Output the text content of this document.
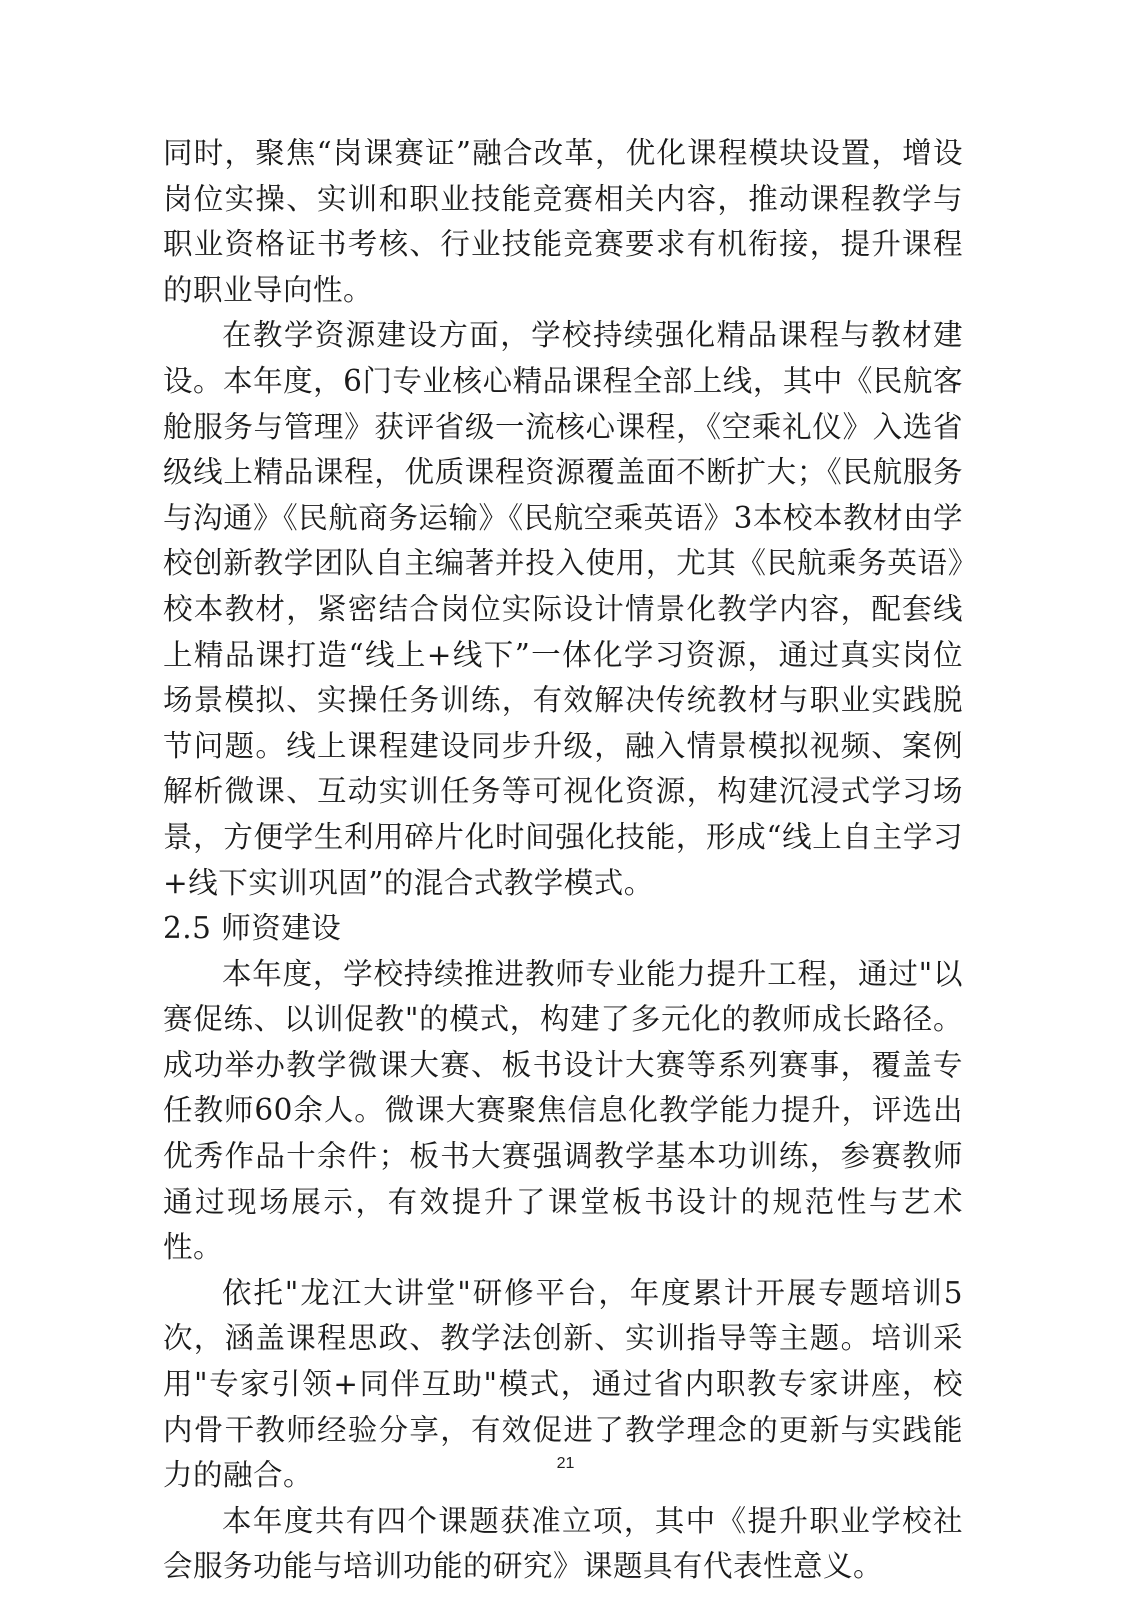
同时，聚焦“岗课赛证”融合改革，优化课程模块设置，增设岗位实操、实训和职业技能竞赛相关内容，推动课程教学与职业资格证书考核、行业技能竞赛要求有机衔接，提升课程的职业导向性。

在教学资源建设方面，学校持续强化精品课程与教材建设。本年度，6门专业核心精品课程全部上线，其中《民航客舱服务与管理》获评省级一流核心课程，《空乘礼仪》入选省级线上精品课程，优质课程资源覆盖面不断扩大；《民航服务与沟通》《民航商务运输》《民航空乘英语》3本校本教材由学校创新教学团队自主编著并投入使用，尤其《民航乘务英语》校本教材，紧密结合岗位实际设计情景化教学内容，配套线上精品课打造“线上+线下”一体化学习资源，通过真实岗位场景模拟、实操任务训练，有效解决传统教材与职业实践脱节问题。线上课程建设同步升级，融入情景模拟视频、案例解析微课、互动实训任务等可视化资源，构建沉浸式学习场景，方便学生利用碎片化时间强化技能，形成“线上自主学习+线下实训巩固”的混合式教学模式。

2.5 师资建设

本年度，学校持续推进教师专业能力提升工程，通过"以赛促练、以训促教"的模式，构建了多元化的教师成长路径。成功举办教学微课大赛、板书设计大赛等系列赛事，覆盖专任教师60余人。微课大赛聚焦信息化教学能力提升，评选出优秀作品十余件；板书大赛强调教学基本功训练，参赛教师通过现场展示，有效提升了课堂板书设计的规范性与艺术性。

依托"龙江大讲堂"研修平台，年度累计开展专题培训5次，涵盖课程思政、教学法创新、实训指导等主题。培训采用"专家引领+同伴互助"模式，通过省内职教专家讲座，校内骨干教师经验分享，有效促进了教学理念的更新与实践能力的融合。

本年度共有四个课题获准立项，其中《提升职业学校社会服务功能与培训功能的研究》课题具有代表性意义。

21
